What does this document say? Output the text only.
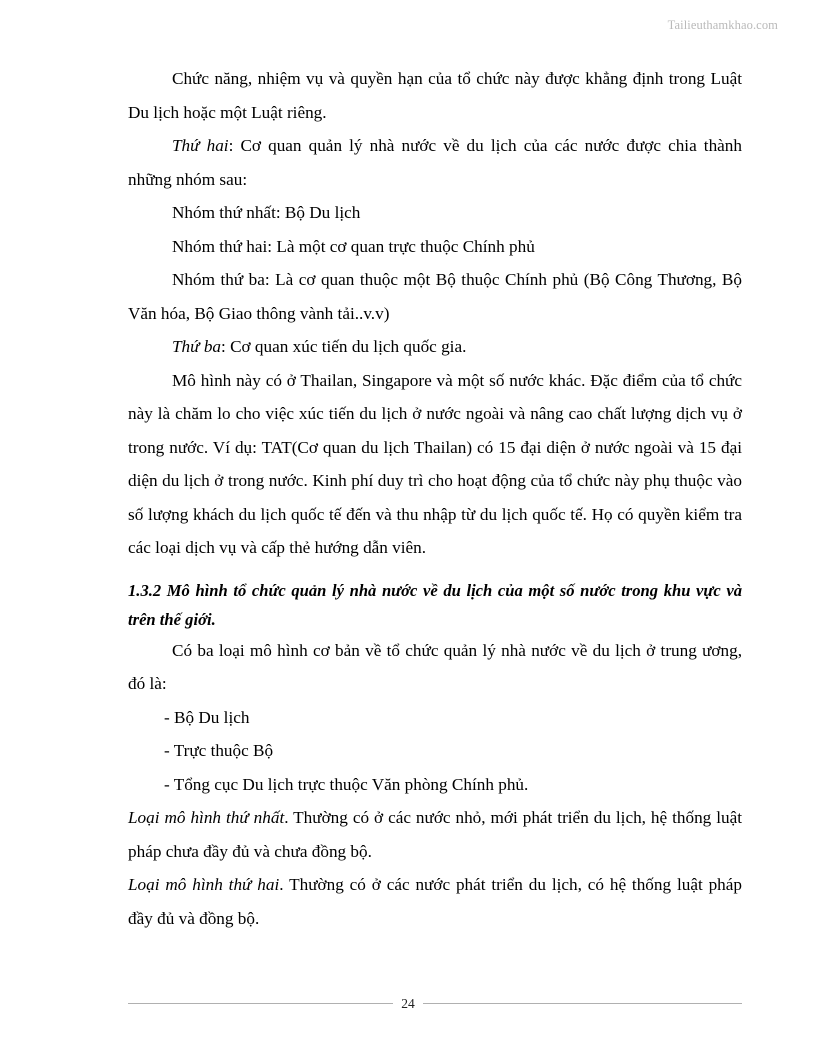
Tailieuthamkhao.com

Chức năng, nhiệm vụ và quyền hạn của tổ chức này được khẳng định trong Luật Du lịch hoặc một Luật riêng.

Thứ hai: Cơ quan quản lý nhà nước về du lịch của các nước được chia thành những nhóm sau:

Nhóm thứ nhất: Bộ Du lịch

Nhóm thứ hai: Là một cơ quan trực thuộc Chính phủ

Nhóm thứ ba: Là cơ quan thuộc một Bộ thuộc Chính phủ (Bộ Công Thương, Bộ Văn hóa, Bộ Giao thông vành tải..v.v)

Thứ ba: Cơ quan xúc tiến du lịch quốc gia.

Mô hình này có ở Thailan, Singapore và một số nước khác. Đặc điểm của tổ chức này là chăm lo cho việc xúc tiến du lịch ở nước ngoài và nâng cao chất lượng dịch vụ ở trong nước. Ví dụ: TAT(Cơ quan du lịch Thailan) có 15 đại diện ở nước ngoài và 15 đại diện du lịch ở trong nước. Kinh phí duy trì cho hoạt động của tổ chức này phụ thuộc vào số lượng khách du lịch quốc tế đến và thu nhập từ du lịch quốc tế. Họ có quyền kiểm tra các loại dịch vụ và cấp thẻ hướng dẫn viên.

1.3.2 Mô hình tổ chức quản lý nhà nước về du lịch của một số nước trong khu vực và trên thế giới.

Có ba loại mô hình cơ bản về tổ chức quản lý nhà nước về du lịch ở trung ương, đó là:

- Bộ Du lịch

- Trực thuộc Bộ

- Tổng cục Du lịch trực thuộc Văn phòng Chính phủ.

Loại mô hình thứ nhất. Thường có ở các nước nhỏ, mới phát triển du lịch, hệ thống luật pháp chưa đầy đủ và chưa đồng bộ.

Loại mô hình thứ hai. Thường có ở các nước phát triển du lịch, có hệ thống luật pháp đầy đủ và đồng bộ.

24
